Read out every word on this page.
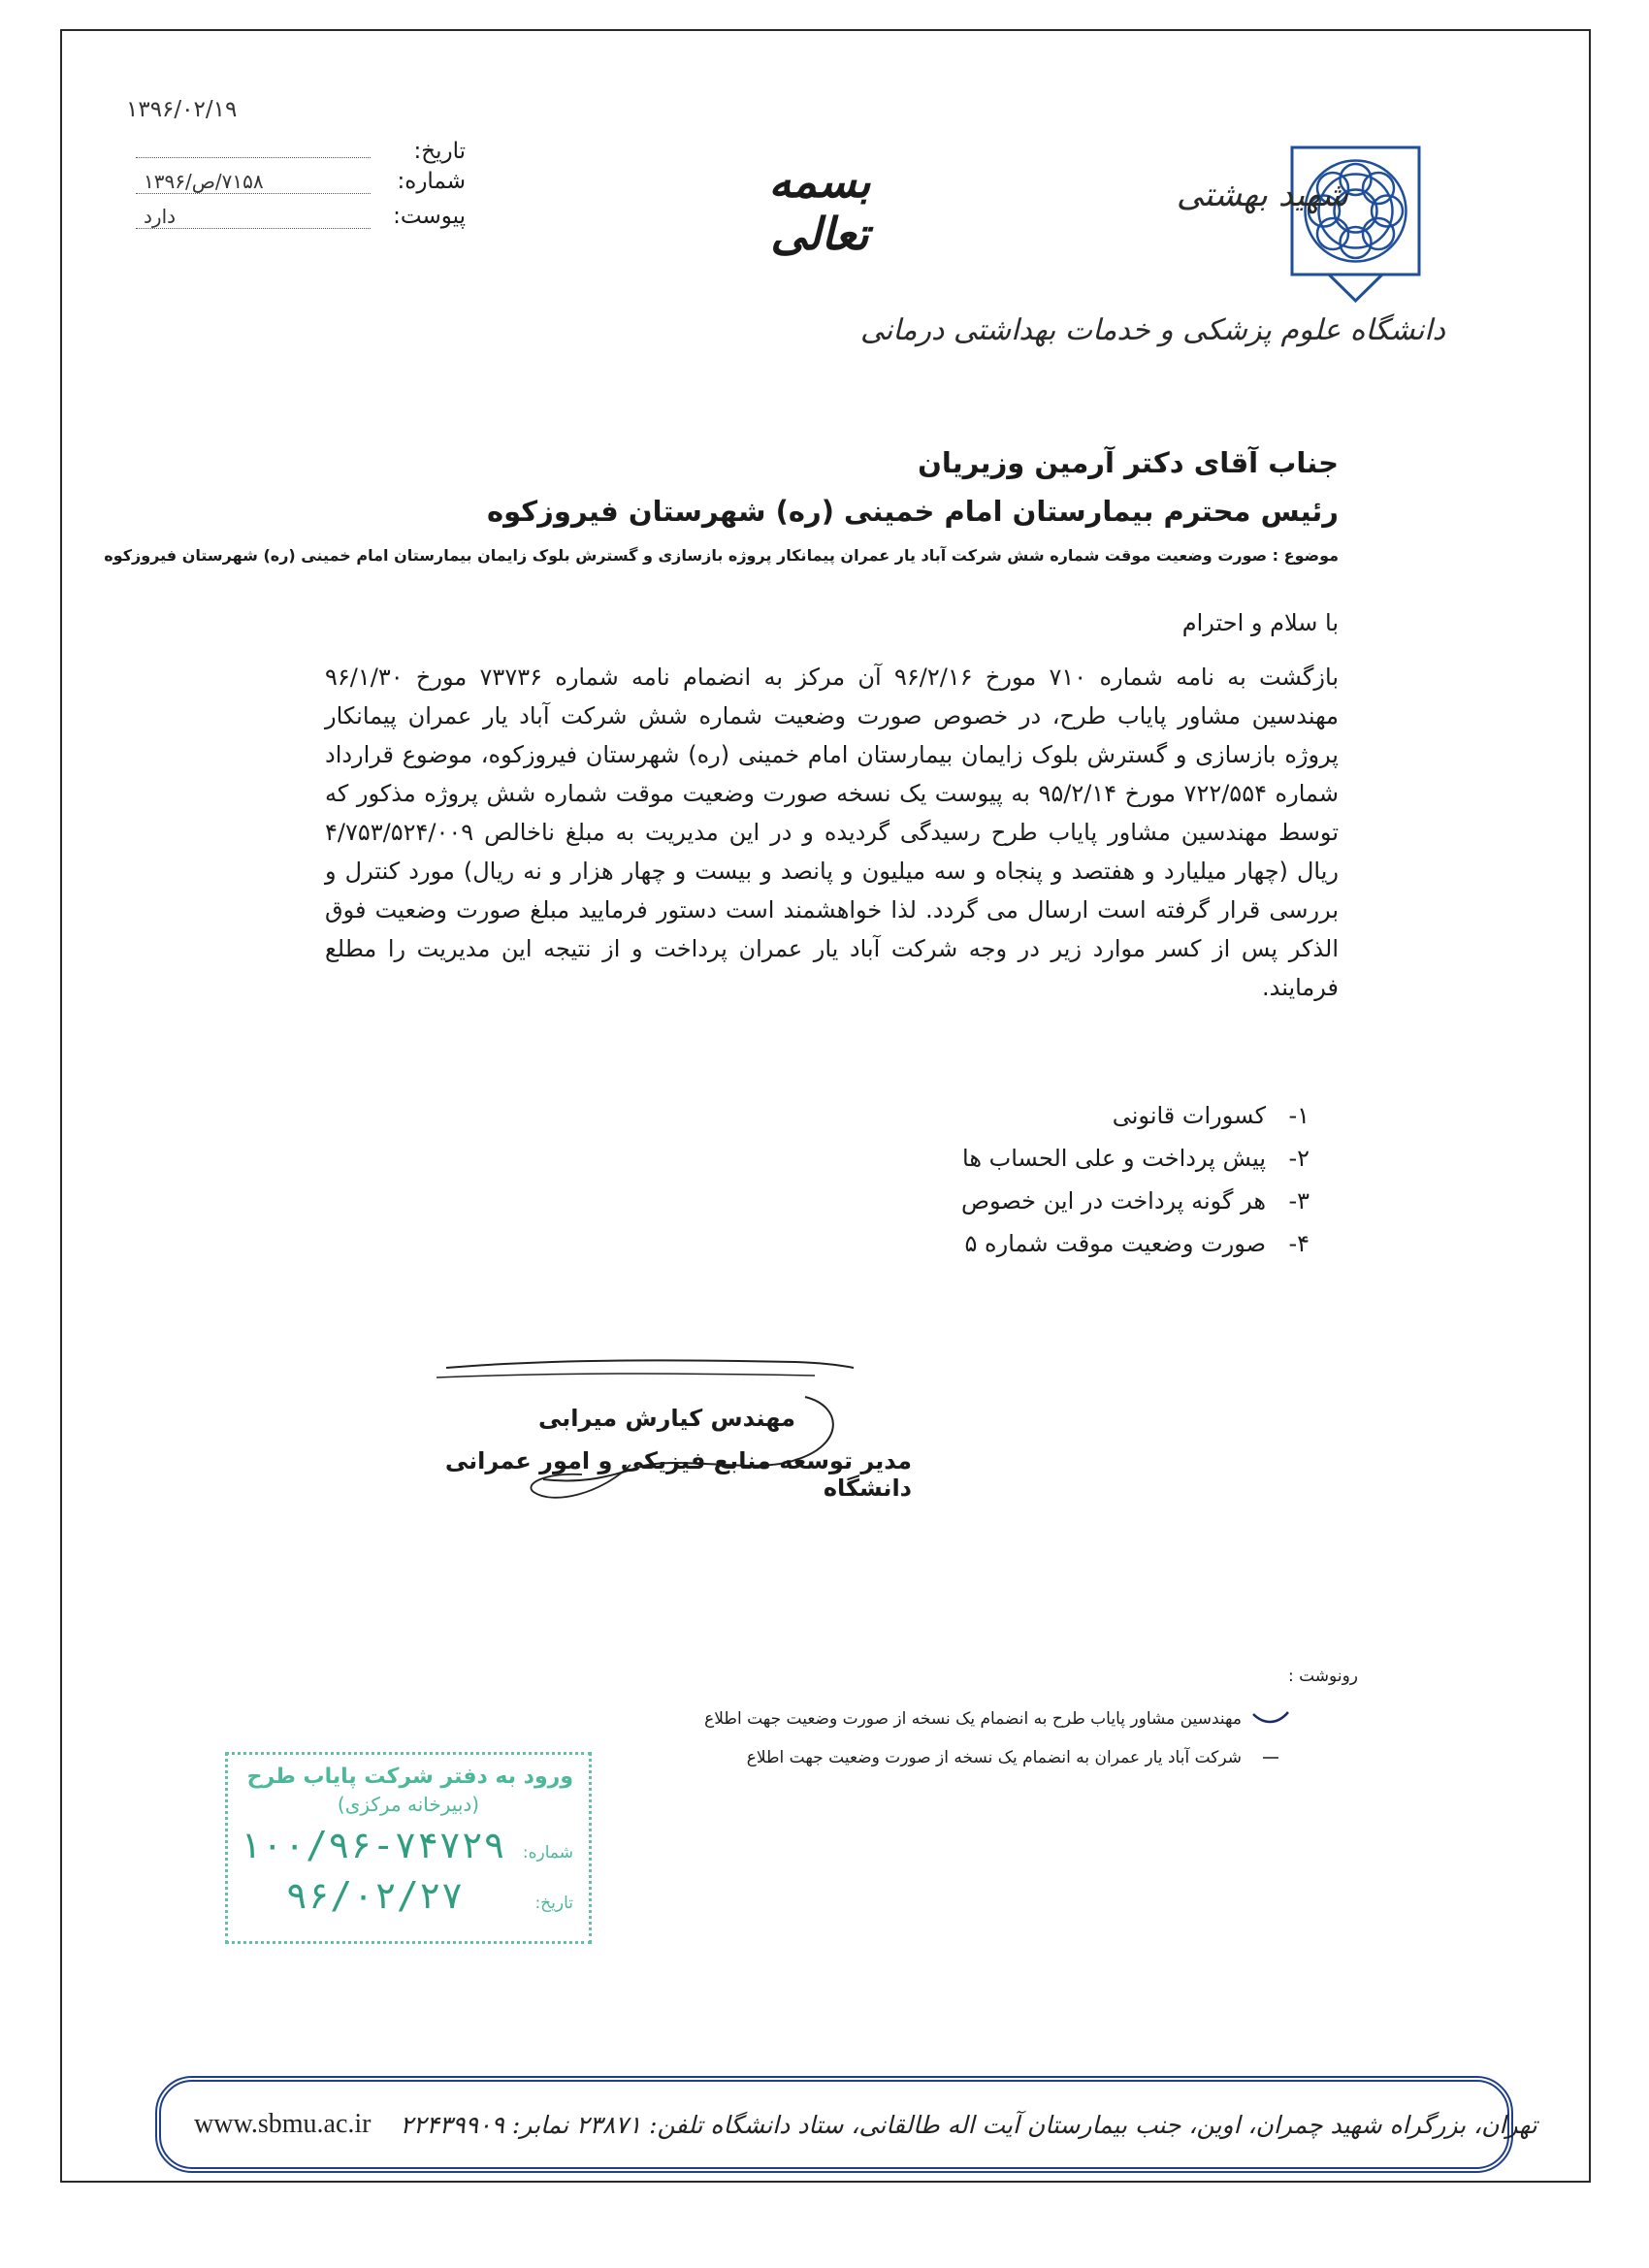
شهید بهشتی
دانشگاه علوم پزشکی و خدمات بهداشتی درمانی
بسمه تعالی
۱۳۹۶/۰۲/۱۹
تاریخ:
شماره:
۷۱۵۸/ص/۱۳۹۶
پیوست:
دارد
جناب آقای دکتر آرمین وزیریان
رئیس محترم بیمارستان امام خمینی (ره) شهرستان فیروزکوه
موضوع : صورت وضعیت موقت شماره شش شرکت آباد یار عمران پیمانکار پروژه بازسازی و گسترش بلوک زایمان بیمارستان امام خمینی (ره) شهرستان فیروزکوه
با سلام و احترام
بازگشت به نامه شماره ۷۱۰ مورخ ۹۶/۲/۱۶ آن مرکز به انضمام نامه شماره ۷۳۷۳۶ مورخ ۹۶/۱/۳۰ مهندسین مشاور پایاب طرح، در خصوص صورت وضعیت شماره شش شرکت آباد یار عمران پیمانکار پروژه بازسازی و گسترش بلوک زایمان بیمارستان امام خمینی (ره) شهرستان فیروزکوه، موضوع قرارداد شماره ۷۲۲/۵۵۴ مورخ ۹۵/۲/۱۴ به پیوست یک نسخه صورت وضعیت موقت شماره شش پروژه مذکور که توسط مهندسین مشاور پایاب طرح رسیدگی گردیده و در این مدیریت به مبلغ ناخالص ۴/۷۵۳/۵۲۴/۰۰۹ ریال (چهار میلیارد و هفتصد و پنجاه و سه میلیون و پانصد و بیست و چهار هزار و نه ریال) مورد کنترل و بررسی قرار گرفته است ارسال می گردد. لذا خواهشمند است دستور فرمایید مبلغ صورت وضعیت فوق الذکر پس از کسر موارد زیر در وجه شرکت آباد یار عمران پرداخت و از نتیجه این مدیریت را مطلع فرمایند.
۱-
کسورات قانونی
۲-
پیش پرداخت و علی الحساب ها
۳-
هر گونه پرداخت در این خصوص
۴-
صورت وضعیت موقت شماره ۵
مهندس کیارش میرابی
مدیر توسعه منابع فیزیکی و امور عمرانی دانشگاه
رونوشت :
مهندسین مشاور پایاب طرح به انضمام یک نسخه از صورت وضعیت جهت اطلاع
شرکت آباد یار عمران به انضمام یک نسخه از صورت وضعیت جهت اطلاع
ورود به دفتر شرکت پایاب طرح
(دبیرخانه مرکزی)
شماره:
۱۰۰/۹۶-۷۴۷۲۹
تاریخ:
۹۶/۰۲/۲۷
www.sbmu.ac.ir تهران، بزرگراه شهید چمران، اوین، جنب بیمارستان آیت اله طالقانی، ستاد دانشگاه تلفن: ۲۳۸۷۱ نمابر: ۲۲۴۳۹۹۰۹
